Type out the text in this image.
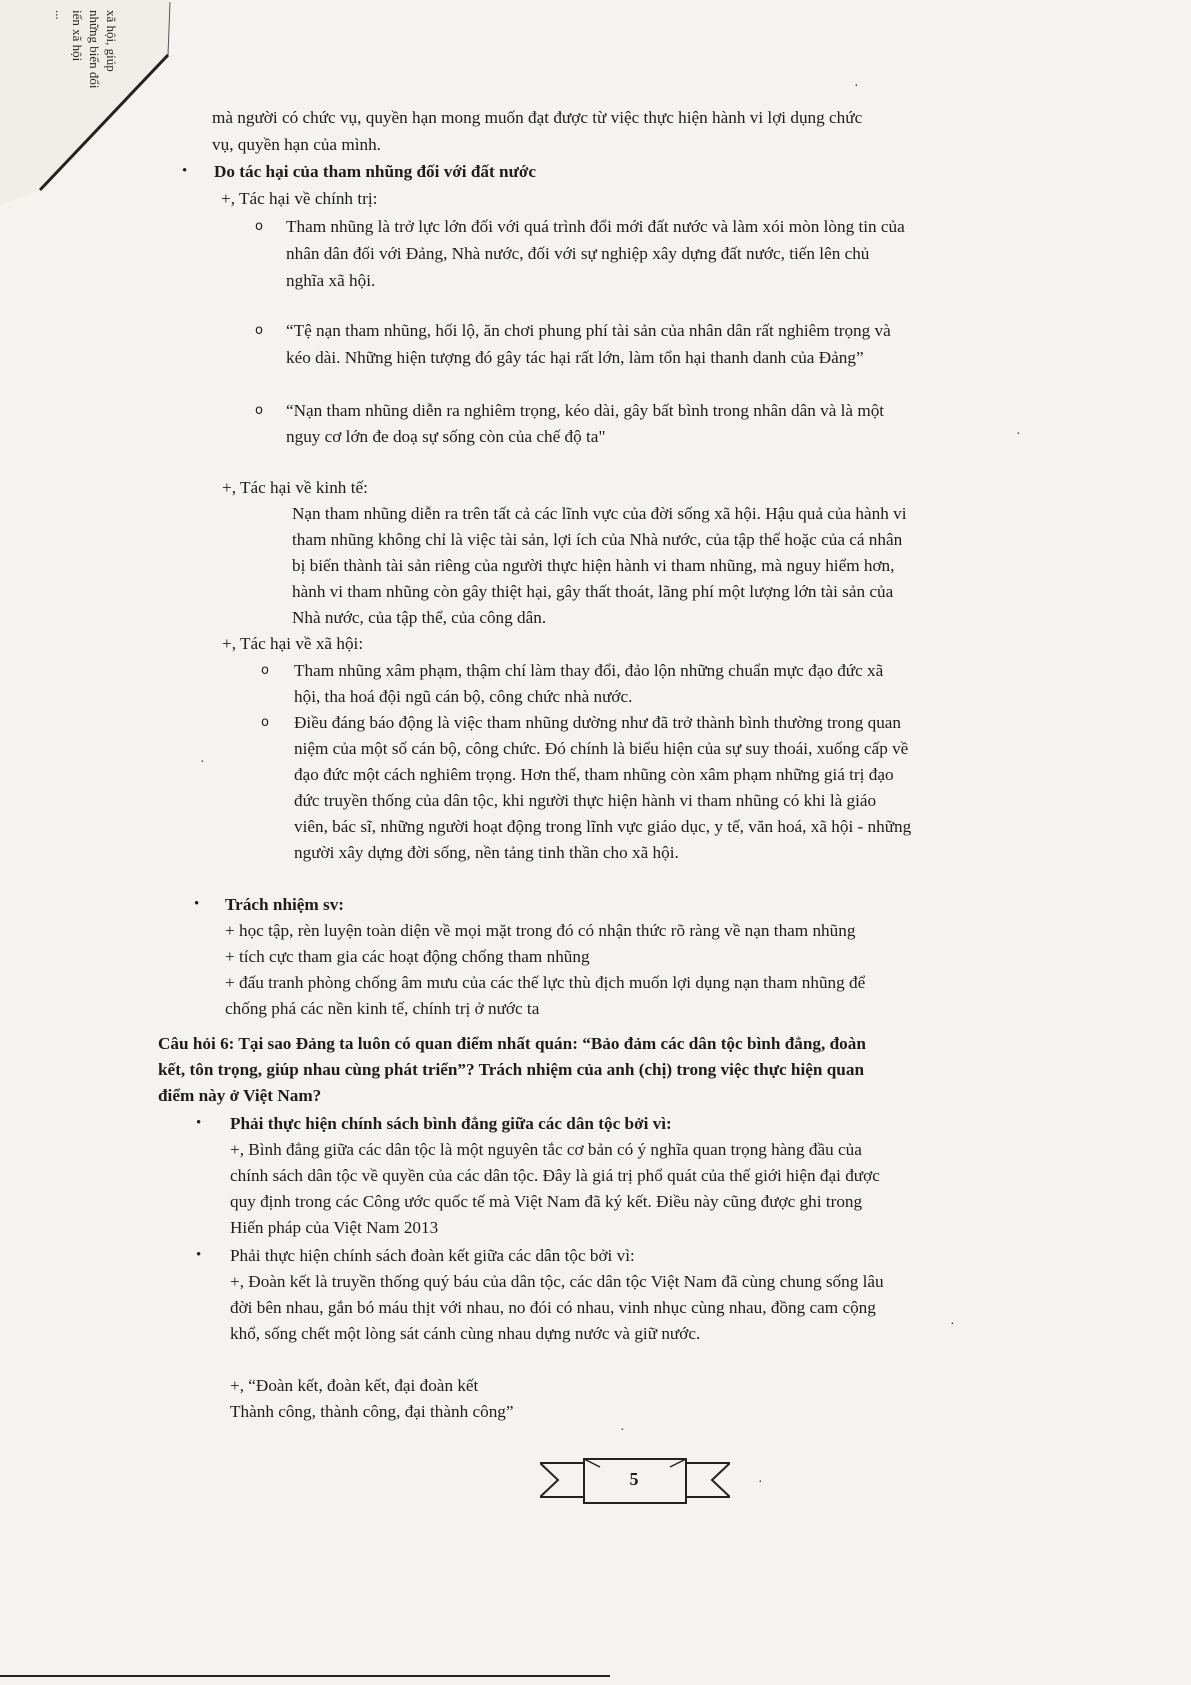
xã hội, giúp
những biến đổi
iến xã hội
...
mà người có chức vụ, quyền hạn mong muốn đạt được từ việc thực hiện hành vi lợi dụng chức
vụ, quyền hạn của mình.
• Do tác hại của tham nhũng đối với đất nước
+, Tác hại về chính trị:
o Tham nhũng là trở lực lớn đối với quá trình đổi mới đất nước và làm xói mòn lòng tin của
nhân dân đối với Đảng, Nhà nước, đối với sự nghiệp xây dựng đất nước, tiến lên chủ
nghĩa xã hội.
o “Tệ nạn tham nhũng, hối lộ, ăn chơi phung phí tài sản của nhân dân rất nghiêm trọng và
kéo dài. Những hiện tượng đó gây tác hại rất lớn, làm tổn hại thanh danh của Đảng”
o “Nạn tham nhũng diễn ra nghiêm trọng, kéo dài, gây bất bình trong nhân dân và là một
nguy cơ lớn đe doạ sự sống còn của chế độ ta"
+, Tác hại về kinh tế:
Nạn tham nhũng diễn ra trên tất cả các lĩnh vực của đời sống xã hội. Hậu quả của hành vi
tham nhũng không chỉ là việc tài sản, lợi ích của Nhà nước, của tập thể hoặc của cá nhân
bị biến thành tài sản riêng của người thực hiện hành vi tham nhũng, mà nguy hiểm hơn,
hành vi tham nhũng còn gây thiệt hại, gây thất thoát, lãng phí một lượng lớn tài sản của
Nhà nước, của tập thể, của công dân.
+, Tác hại về xã hội:
o Tham nhũng xâm phạm, thậm chí làm thay đổi, đảo lộn những chuẩn mực đạo đức xã
hội, tha hoá đội ngũ cán bộ, công chức nhà nước.
o Điều đáng báo động là việc tham nhũng dường như đã trở thành bình thường trong quan
niệm của một số cán bộ, công chức. Đó chính là biểu hiện của sự suy thoái, xuống cấp về
đạo đức một cách nghiêm trọng. Hơn thế, tham nhũng còn xâm phạm những giá trị đạo
đức truyền thống của dân tộc, khi người thực hiện hành vi tham nhũng có khi là giáo
viên, bác sĩ, những người hoạt động trong lĩnh vực giáo dục, y tế, văn hoá, xã hội - những
người xây dựng đời sống, nền tảng tinh thần cho xã hội.
• Trách nhiệm sv:
+ học tập, rèn luyện toàn diện về mọi mặt trong đó có nhận thức rõ ràng về nạn tham nhũng
+ tích cực tham gia các hoạt động chống tham nhũng
+ đấu tranh phòng chống âm mưu của các thế lực thù địch muốn lợi dụng nạn tham nhũng để
chống phá các nền kinh tế, chính trị ở nước ta
Câu hỏi 6: Tại sao Đảng ta luôn có quan điểm nhất quán: “Bảo đảm các dân tộc bình đẳng, đoàn
kết, tôn trọng, giúp nhau cùng phát triển”? Trách nhiệm của anh (chị) trong việc thực hiện quan
điểm này ở Việt Nam?
• Phải thực hiện chính sách bình đẳng giữa các dân tộc bởi vì:
+, Bình đẳng giữa các dân tộc là một nguyên tắc cơ bản có ý nghĩa quan trọng hàng đầu của
chính sách dân tộc về quyền của các dân tộc. Đây là giá trị phổ quát của thế giới hiện đại được
quy định trong các Công ước quốc tế mà Việt Nam đã ký kết. Điều này cũng được ghi trong
Hiến pháp của Việt Nam 2013
• Phải thực hiện chính sách đoàn kết giữa các dân tộc bởi vì:
+, Đoàn kết là truyền thống quý báu của dân tộc, các dân tộc Việt Nam đã cùng chung sống lâu
đời bên nhau, gắn bó máu thịt với nhau, no đói có nhau, vinh nhục cùng nhau, đồng cam cộng
khổ, sống chết một lòng sát cánh cùng nhau dựng nước và giữ nước.
+, “Đoàn kết, đoàn kết, đại đoàn kết
Thành công, thành công, đại thành công”
·
·
·
·
·
·
5
